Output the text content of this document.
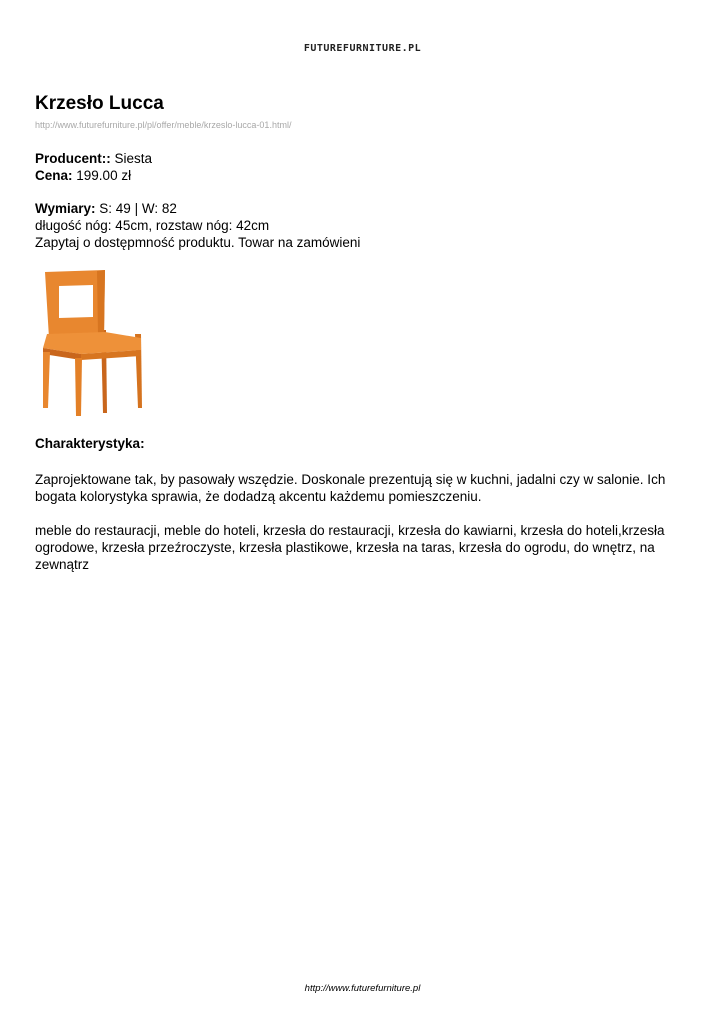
FUTUREFURNITURE.PL
Krzesło Lucca
http://www.futurefurniture.pl/pl/offer/meble/krzeslo-lucca-01.html/
Producent:: Siesta
Cena: 199.00 zł
Wymiary: S: 49 | W: 82
długość nóg: 45cm, rozstaw nóg: 42cm
Zapytaj o dostępmność produktu. Towar na zamówieni
Charakterystyka:

Zaprojektowane tak, by pasowały wszędzie. Doskonale prezentują się w kuchni, jadalni czy w salonie. Ich bogata kolorystyka sprawia, że dodadzą akcentu każdemu pomieszczeniu.

meble do restauracji, meble do hoteli, krzesła do restauracji, krzesła do kawiarni, krzesła do hoteli,krzesła ogrodowe, krzesła przeźroczyste, krzesła plastikowe, krzesła na taras, krzesła do ogrodu, do wnętrz, na zewnątrz

http://www.futurefurniture.pl
